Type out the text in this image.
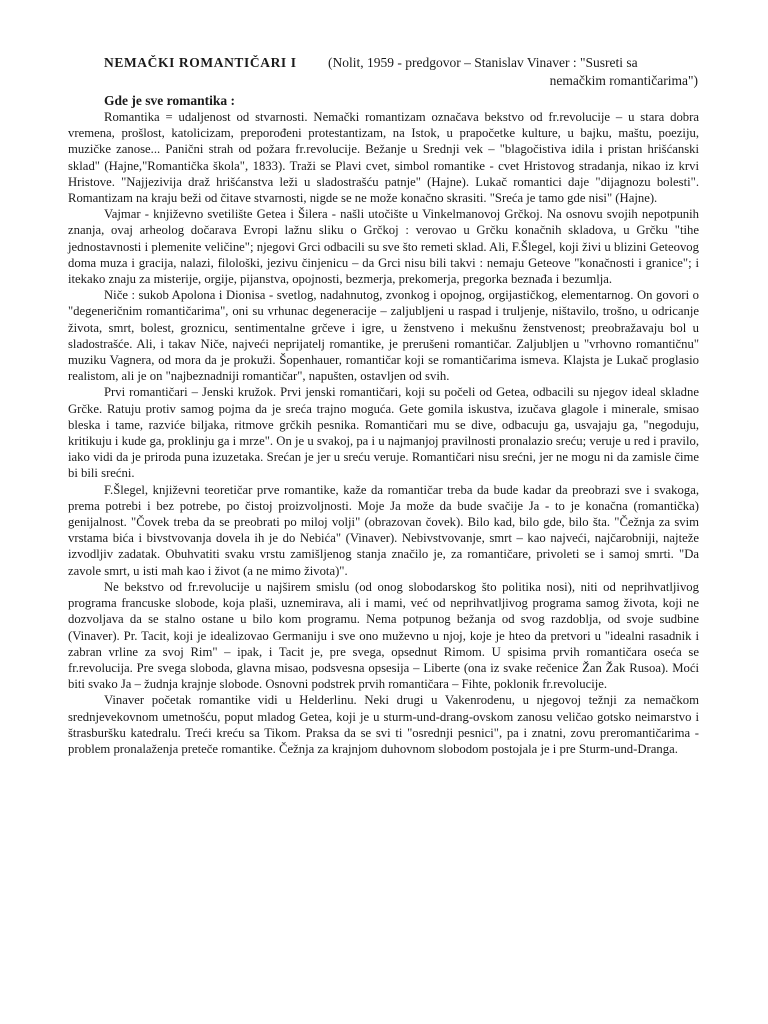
NEMAČKI ROMANTIČARI I (Nolit, 1959 - predgovor – Stanislav Vinaver : "Susreti sa
nemačkim romantičarima")
Gde je sve romantika :

Romantika = udaljenost od stvarnosti. Nemački romantizam označava bekstvo od fr.revolucije – u stara dobra vremena, prošlost, katolicizam, preporođeni protestantizam, na Istok, u prapočetke kulture, u bajku, maštu, poeziju, muzičke zanose... Panični strah od požara fr.revolucije. Bežanje u Srednji vek – "blagočistiva idila i pristan hrišćanski sklad" (Hajne,"Romantička škola", 1833). Traži se Plavi cvet, simbol romantike - cvet Hristovog stradanja, nikao iz krvi Hristove. "Najjezivija draž hrišćanstva leži u sladostrašću patnje" (Hajne). Lukač romantici daje "dijagnozu bolesti". Romantizam na kraju beži od čitave stvarnosti, nigde se ne može konačno skrasiti. "Sreća je tamo gde nisi" (Hajne).

Vajmar - književno svetilište Getea i Šilera - našli utočište u Vinkelmanovoj Grčkoj. Na osnovu svojih nepotpunih znanja, ovaj arheolog dočarava Evropi lažnu sliku o Grčkoj : verovao u Grčku konačnih skladova, u Grčku "tihe jednostavnosti i plemenite veličine"; njegovi Grci odbacili su sve što remeti sklad. Ali, F.Šlegel, koji živi u blizini Geteovog doma muza i gracija, nalazi, filološki, jezivu činjenicu – da Grci nisu bili takvi : nemaju Geteove "konačnosti i granice"; i itekako znaju za misterije, orgije, pijanstva, opojnosti, bezmerja, prekomerja, pregorka beznađa i bezumlja.

Niče : sukob Apolona i Dionisa - svetlog, nadahnutog, zvonkog i opojnog, orgijastičkog, elementarnog. On govori o "degeneričnim romantičarima", oni su vrhunac degeneracije – zaljubljeni u raspad i truljenje, ništavilo, trošno, u odricanje života, smrt, bolest, groznicu, sentimentalne grčeve i igre, u ženstveno i mekušnu ženstvenost; preobražavaju bol u sladostrašće. Ali, i takav Niče, najveći neprijatelj romantike, je prerušeni romantičar. Zaljubljen u "vrhovno romantičnu" muziku Vagnera, od mora da je prokuži. Šopenhauer, romantičar koji se romantičarima ismeva. Klajsta je Lukač proglasio realistom, ali je on "najbeznadniji romantičar", napušten, ostavljen od svih.

Prvi romantičari – Jenski kružok. Prvi jenski romantičari, koji su počeli od Getea, odbacili su njegov ideal skladne Grčke. Ratuju protiv samog pojma da je sreća trajno moguća. Gete gomila iskustva, izučava glagole i minerale, smisao bleska i tame, razviće biljaka, ritmove grčkih pesnika. Romantičari mu se dive, odbacuju ga, usvajaju ga, "negoduju, kritikuju i kude ga, proklinju ga i mrze". On je u svakoj, pa i u najmanjoj pravilnosti pronalazio sreću; veruje u red i pravilo, iako vidi da je priroda puna izuzetaka. Srećan je jer u sreću veruje. Romantičari nisu srećni, jer ne mogu ni da zamisle čime bi bili srećni.

F.Šlegel, književni teoretičar prve romantike, kaže da romantičar treba da bude kadar da preobrazi sve i svakoga, prema potrebi i bez potrebe, po čistoj proizvoljnosti. Moje Ja može da bude svačije Ja - to je konačna (romantička) genijalnost. "Čovek treba da se preobrati po miloj volji" (obrazovan čovek). Bilo kad, bilo gde, bilo šta. "Čežnja za svim vrstama bića i bivstvovanja dovela ih je do Nebića" (Vinaver). Nebivstvovanje, smrt – kao najveći, najčarobniji, najteže izvodljiv zadatak. Obuhvatiti svaku vrstu zamišljenog stanja značilo je, za romantičare, privoleti se i samoj smrti. "Da zavole smrt, u isti mah kao i život (a ne mimo života)".

Ne bekstvo od fr.revolucije u najširem smislu (od onog slobodarskog što politika nosi), niti od neprihvatljivog programa francuske slobode, koja plaši, uznemirava, ali i mami, već od neprihvatljivog programa samog života, koji ne dozvoljava da se stalno ostane u bilo kom programu. Nema potpunog bežanja od svog razdoblja, od svoje sudbine (Vinaver). Pr. Tacit, koji je idealizovao Germaniju i sve ono muževno u njoj, koje je hteo da pretvori u "idealni rasadnik i zabran vrline za svoj Rim" – ipak, i Tacit je, pre svega, opsednut Rimom. U spisima prvih romantičara oseća se fr.revolucija. Pre svega sloboda, glavna misao, podsvesna opsesija – Liberte (ona iz svake rečenice Žan Žak Rusoa). Moći biti svako Ja – žudnja krajnje slobode. Osnovni podstrek prvih romantičara – Fihte, poklonik fr.revolucije.

Vinaver početak romantike vidi u Helderlinu. Neki drugi u Vakenrodenu, u njegovoj težnji za nemačkom srednjevekovnom umetnošću, poput mladog Getea, koji je u sturm-und-drang-ovskom zanosu veličao gotsko neimarstvo i štrasburšku katedralu. Treći kreću sa Tikom. Praksa da se svi ti "osrednji pesnici", pa i znatni, zovu preromantičarima - problem pronalaženja preteče romantike. Čežnja za krajnjom duhovnom slobodom postojala je i pre Sturm-und-Dranga.
